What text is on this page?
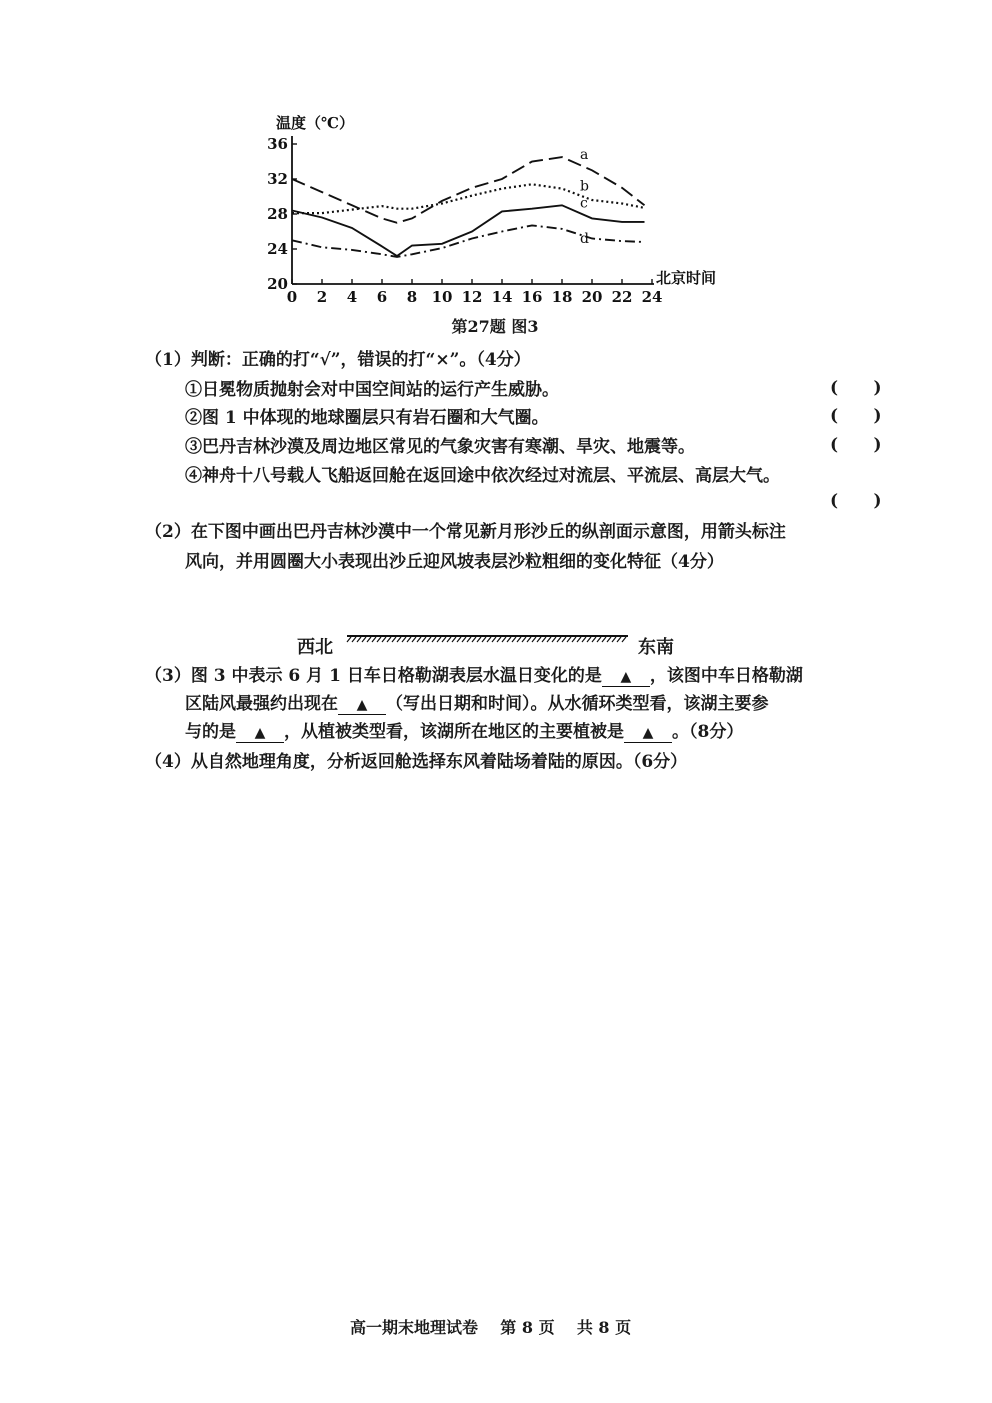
温度（℃）
北京时间
20
24
28
32
36
0 2 4 6 8 10 12 14 16 18 20 22 24
a
b
c
d
第27题 图3
（1）判断：正确的打“√”，错误的打“×”。（4分）
①日冕物质抛射会对中国空间站的运行产生威胁。	(      )
②图 1 中体现的地球圈层只有岩石圈和大气圈。	(      )
③巴丹吉林沙漠及周边地区常见的气象灾害有寒潮、旱灾、地震等。	(      )
④神舟十八号载人飞船返回舱在返回途中依次经过对流层、平流层、高层大气。
(      )
（2）在下图中画出巴丹吉林沙漠中一个常见新月形沙丘的纵剖面示意图，用箭头标注
风向，并用圆圈大小表现出沙丘迎风坡表层沙粒粗细的变化特征（4分）
西北	东南
（3）图 3 中表示 6 月 1 日车日格勒湖表层水温日变化的是 ▲ ，该图中车日格勒湖
区陆风最强约出现在 ▲ （写出日期和时间）。从水循环类型看，该湖主要参
与的是 ▲ ，从植被类型看，该湖所在地区的主要植被是 ▲ 。（8分）
（4）从自然地理角度，分析返回舱选择东风着陆场着陆的原因。（6分）
高一期末地理试卷 第 8 页 共 8 页
